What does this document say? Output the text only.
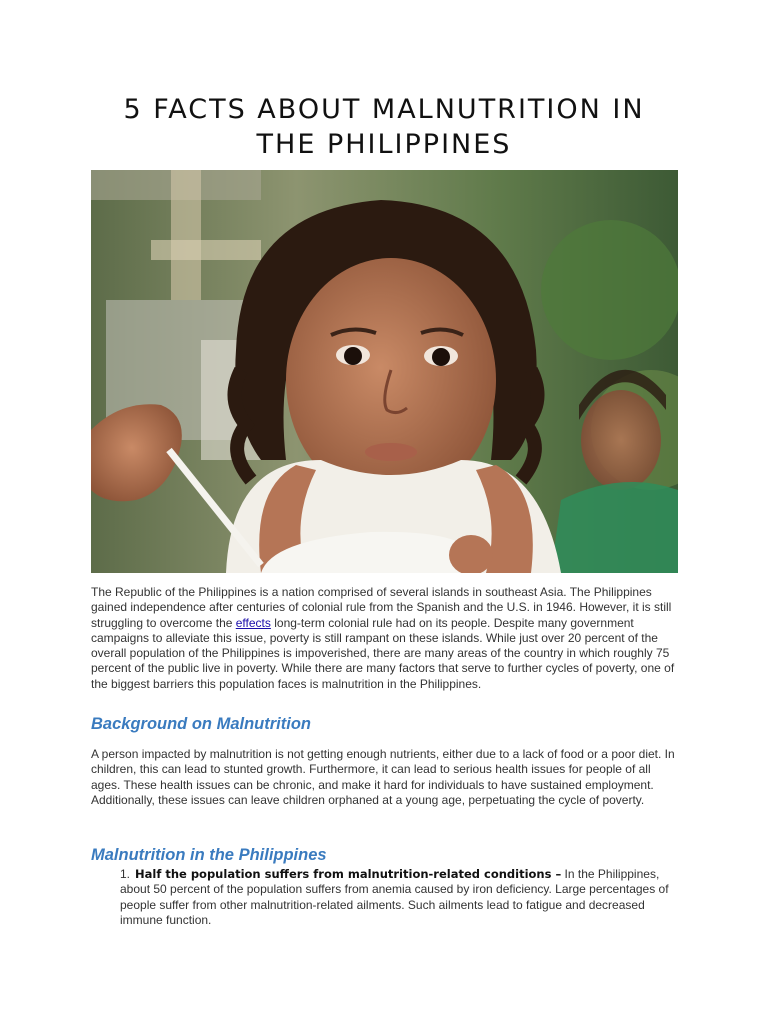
5 FACTS ABOUT MALNUTRITION IN THE PHILIPPINES

The Republic of the Philippines is a nation comprised of several islands in southeast Asia. The Philippines gained independence after centuries of colonial rule from the Spanish and the U.S. in 1946. However, it is still struggling to overcome the effects long-term colonial rule had on its people. Despite many government campaigns to alleviate this issue, poverty is still rampant on these islands. While just over 20 percent of the overall population of the Philippines is impoverished, there are many areas of the country in which roughly 75 percent of the public live in poverty. While there are many factors that serve to further cycles of poverty, one of the biggest barriers this population faces is malnutrition in the Philippines.

Background on Malnutrition

A person impacted by malnutrition is not getting enough nutrients, either due to a lack of food or a poor diet. In children, this can lead to stunted growth. Furthermore, it can lead to serious health issues for people of all ages. These health issues can be chronic, and make it hard for individuals to have sustained employment. Additionally, these issues can leave children orphaned at a young age, perpetuating the cycle of poverty.

Malnutrition in the Philippines
1. Half the population suffers from malnutrition-related conditions – In the Philippines, about 50 percent of the population suffers from anemia caused by iron deficiency. Large percentages of people suffer from other malnutrition-related ailments. Such ailments lead to fatigue and decreased immune function.
